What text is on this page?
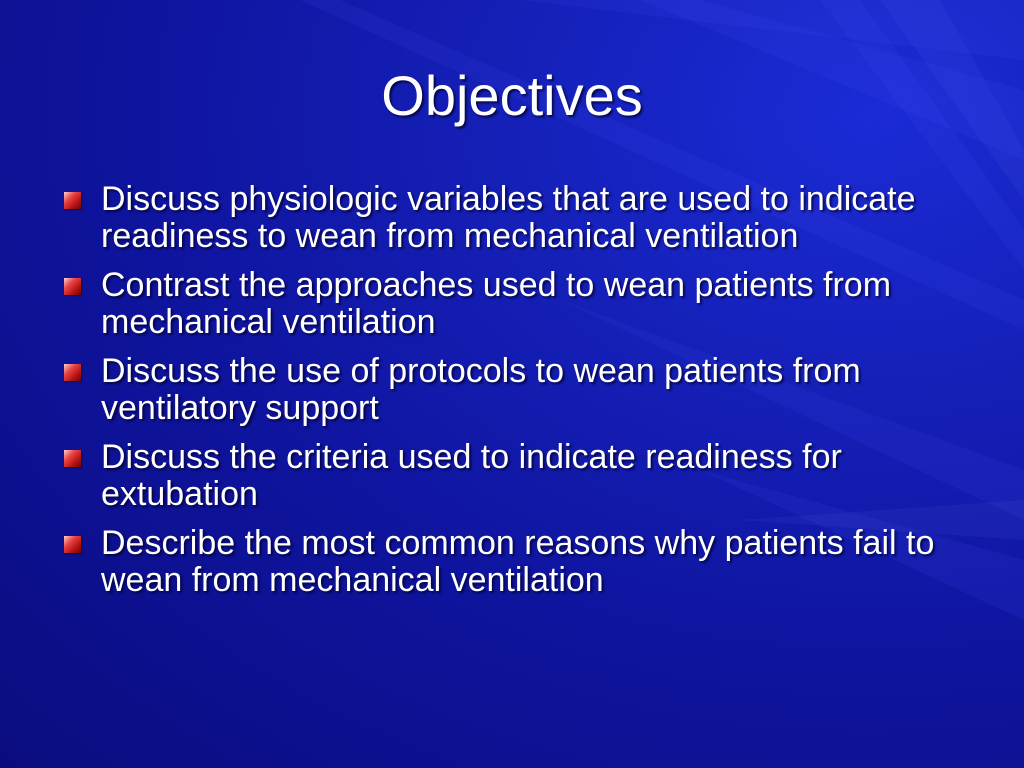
Objectives
Discuss physiologic variables that are used to indicate readiness to wean from mechanical ventilation
Contrast the approaches used to wean patients from mechanical ventilation
Discuss the use of protocols to wean patients from ventilatory support
Discuss the criteria used to indicate readiness for extubation
Describe the most common reasons why patients fail to wean from mechanical ventilation
